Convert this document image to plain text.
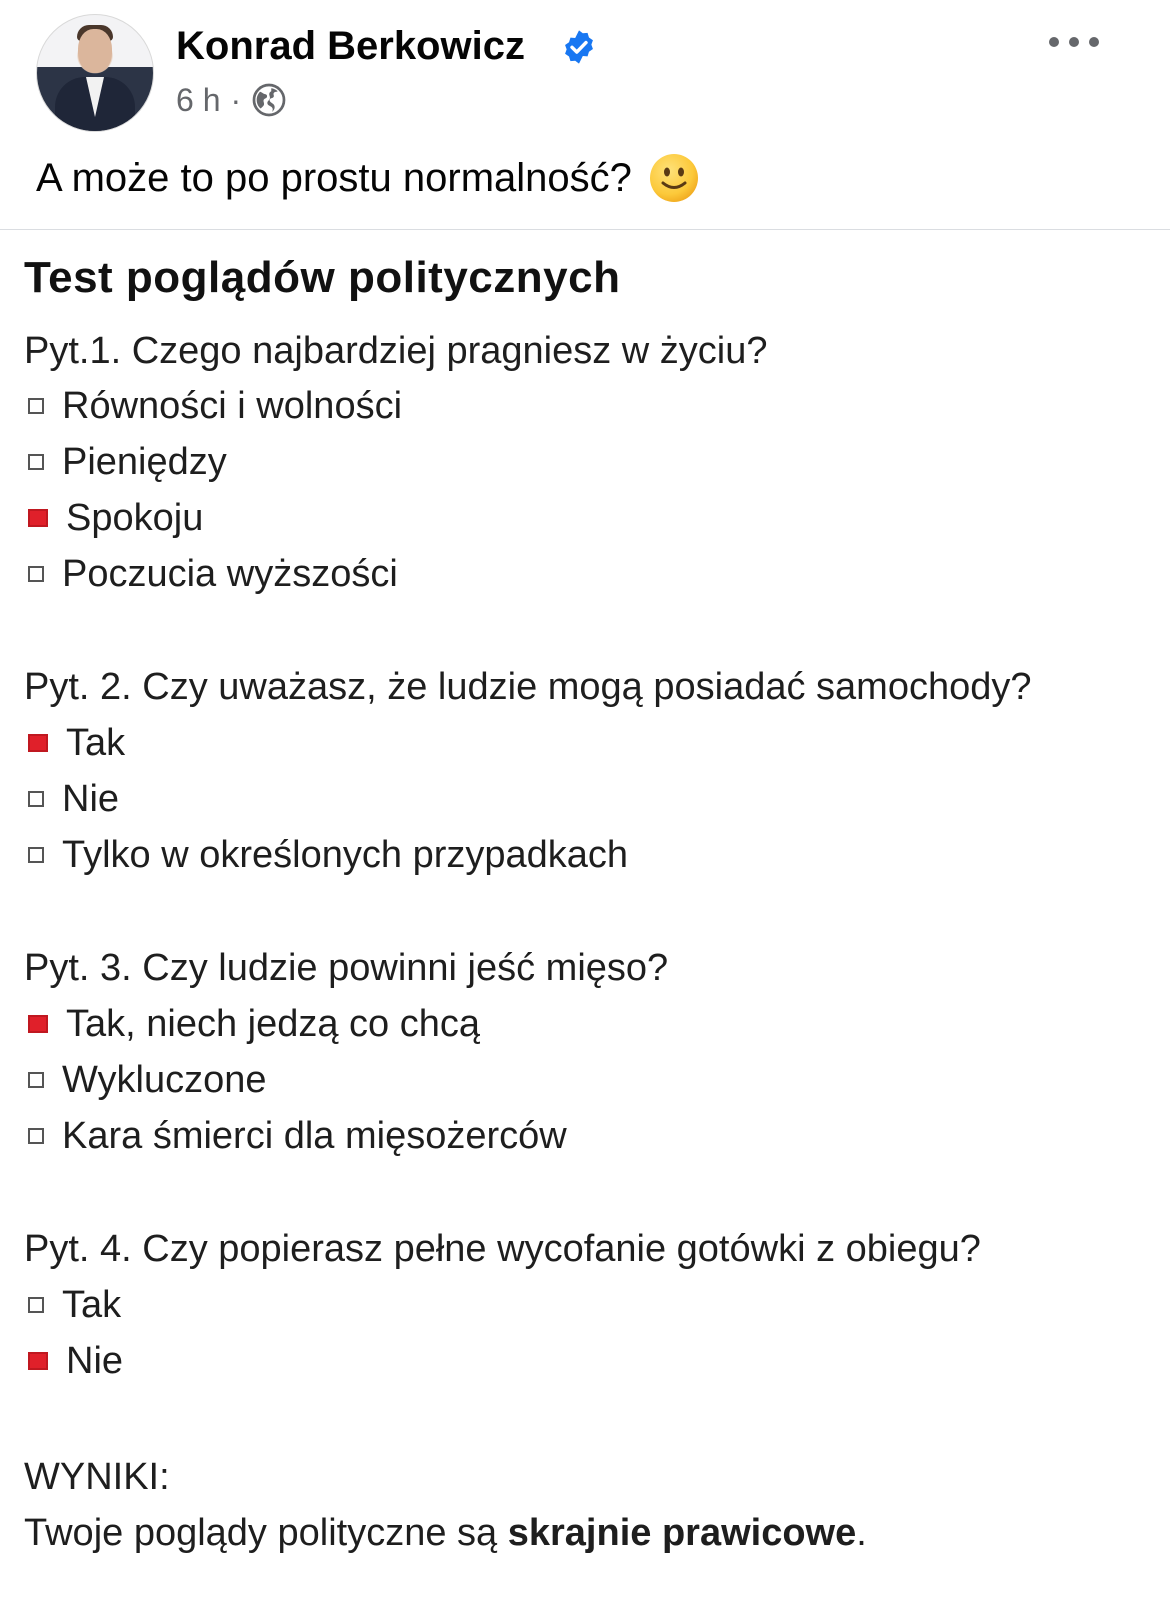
Konrad Berkowicz
6 h ·
A może to po prostu normalność?
Test poglądów politycznych
Pyt.1. Czego najbardziej pragniesz w życiu?
Równości i wolności
Pieniędzy
Spokoju
Poczucia wyższości
Pyt. 2. Czy uważasz, że ludzie mogą posiadać samochody?
Tak
Nie
Tylko w określonych przypadkach
Pyt. 3. Czy ludzie powinni jeść mięso?
Tak, niech jedzą co chcą
Wykluczone
Kara śmierci dla mięsożerców
Pyt. 4. Czy popierasz pełne wycofanie gotówki z obiegu?
Tak
Nie
WYNIKI:
Twoje poglądy polityczne są skrajnie prawicowe.
